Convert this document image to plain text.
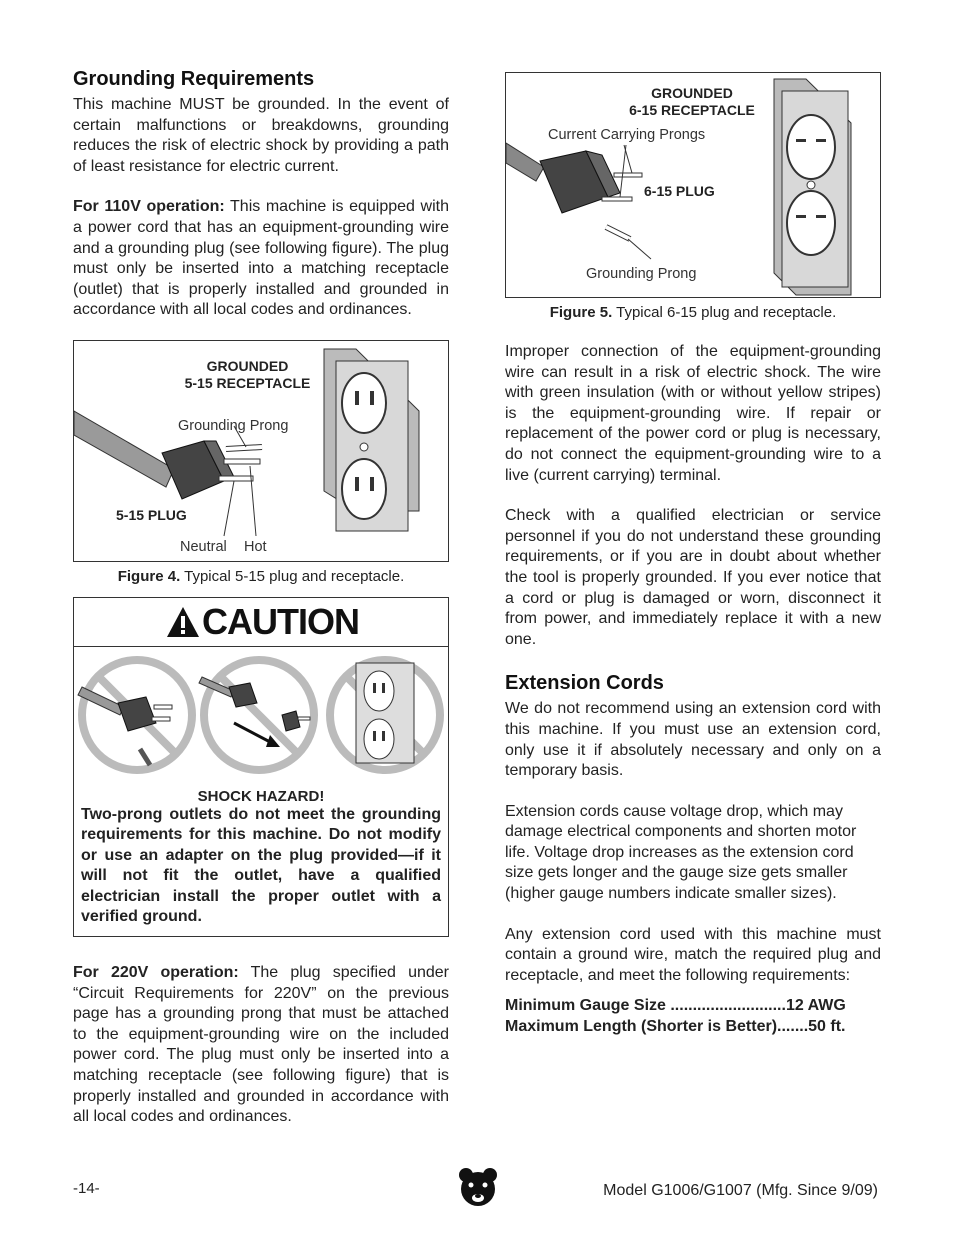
Grounding Requirements

This machine MUST be grounded. In the event of certain malfunctions or breakdowns, grounding reduces the risk of electric shock by providing a path of least resistance for electric current.

For 110V operation: This machine is equipped with a power cord that has an equipment-grounding wire and a grounding plug (see following figure). The plug must only be inserted into a matching receptacle (outlet) that is properly installed and grounded in accordance with all local codes and ordinances.

GROUNDED
5-15 RECEPTACLE
Grounding Prong
5-15 PLUG
Neutral Hot
Figure 4. Typical 5-15 plug and receptacle.
CAUTION
SHOCK HAZARD!
Two-prong outlets do not meet the grounding requirements for this machine. Do not modify or use an adapter on the plug provided—if it will not fit the outlet, have a qualified electrician install the proper outlet with a verified ground.

For 220V operation: The plug specified under “Circuit Requirements for 220V” on the previous page has a grounding prong that must be attached to the equipment-grounding wire on the included power cord. The plug must only be inserted into a matching receptacle (see following figure) that is properly installed and grounded in accordance with all local codes and ordinances.

GROUNDED
6-15 RECEPTACLE
Current Carrying Prongs
6-15 PLUG
Grounding Prong
Figure 5. Typical 6-15 plug and receptacle.

Improper connection of the equipment-grounding wire can result in a risk of electric shock. The wire with green insulation (with or without yellow stripes) is the equipment-grounding wire. If repair or replacement of the power cord or plug is necessary, do not connect the equipment-grounding wire to a live (current carrying) terminal.

Check with a qualified electrician or service personnel if you do not understand these grounding requirements, or if you are in doubt about whether the tool is properly grounded. If you ever notice that a cord or plug is damaged or worn, disconnect it from power, and immediately replace it with a new one.

Extension Cords

We do not recommend using an extension cord with this machine. If you must use an extension cord, only use it if absolutely necessary and only on a temporary basis.

Extension cords cause voltage drop, which may damage electrical components and shorten motor life. Voltage drop increases as the extension cord size gets longer and the gauge size gets smaller (higher gauge numbers indicate smaller sizes).

Any extension cord used with this machine must contain a ground wire, match the required plug and receptacle, and meet the following requirements:

Minimum Gauge Size ..........................12 AWG
Maximum Length (Shorter is Better).......50 ft.
-14-	Model G1006/G1007 (Mfg. Since 9/09)
